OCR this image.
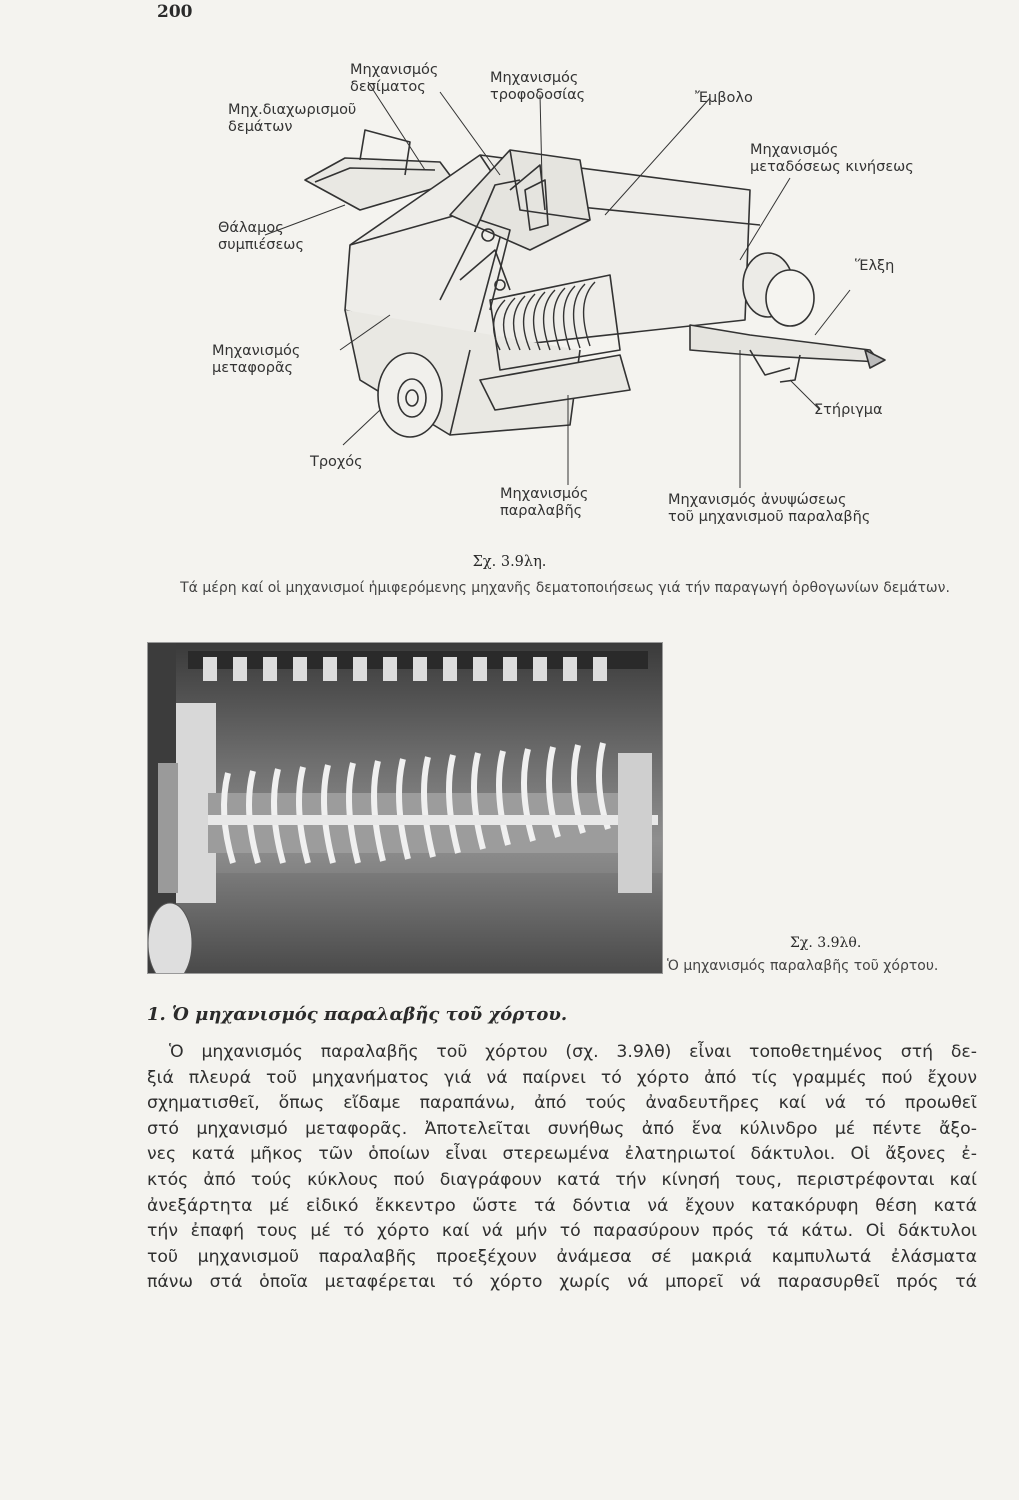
200
Μηχανισμός
δεσίματος
Μηχανισμός
τροφοδοσίας
Μηχ.διαχωρισμοῦ
δεμάτων
Ἔμβολο
Μηχανισμός
μεταδόσεως κινήσεως
Θάλαμος
συμπιέσεως
Ἕλξη
Μηχανισμός
μεταφορᾶς
Στήριγμα
Τροχός
Μηχανισμός
παραλαβῆς
Μηχανισμός ἀνυψώσεως
τοῦ μηχανισμοῦ παραλαβῆς
Σχ. 3.9λη.
Τά μέρη καί οἱ μηχανισμοί ἡμιφερόμενης μηχανῆς δεματοποιήσεως γιά τήν παραγωγή ὀρθογωνίων δεμάτων.
Σχ. 3.9λθ.
Ὁ μηχανισμός παραλαβῆς τοῦ χόρτου.
1. Ὁ μηχανισμός παραλαβῆς τοῦ χόρτου.

Ὁ μηχανισμός παραλαβῆς τοῦ χόρτου (σχ. 3.9λθ) εἶναι τοποθετημένος στή δε-
ξιά πλευρά τοῦ μηχανήματος γιά νά παίρνει τό χόρτο ἀπό τίς γραμμές πού ἔχουν
σχηματισθεῖ, ὅπως εἴδαμε παραπάνω, ἀπό τούς ἀναδευτῆρες καί νά τό προωθεῖ
στό μηχανισμό μεταφορᾶς. Ἀποτελεῖται συνήθως ἀπό ἕνα κύλινδρο μέ πέντε ἄξο-
νες κατά μῆκος τῶν ὁποίων εἶναι στερεωμένα ἐλατηριωτοί δάκτυλοι. Οἱ ἄξονες ἐ-
κτός ἀπό τούς κύκλους πού διαγράφουν κατά τήν κίνησή τους, περιστρέφονται καί
ἀνεξάρτητα μέ εἰδικό ἔκκεντρο ὥστε τά δόντια νά ἔχουν κατακόρυφη θέση κατά
τήν ἐπαφή τους μέ τό χόρτο καί νά μήν τό παρασύρουν πρός τά κάτω. Οἱ δάκτυλοι
τοῦ μηχανισμοῦ παραλαβῆς προεξέχουν ἀνάμεσα σέ μακριά καμπυλωτά ἐλάσματα
πάνω στά ὁποῖα μεταφέρεται τό χόρτο χωρίς νά μπορεῖ νά παρασυρθεῖ πρός τά
